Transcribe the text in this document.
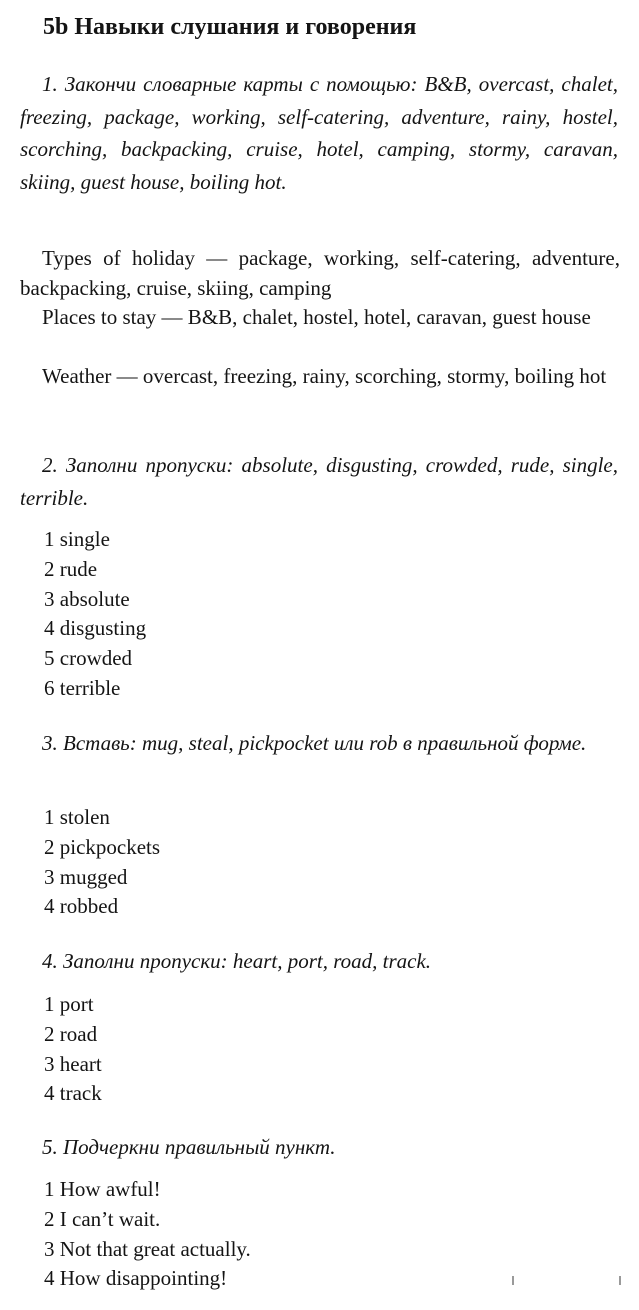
5b Навыки слушания и говорения

1. Закончи словарные карты с помощью: B&B, overcast, chalet, freezing, package, working, self-catering, adventure, rainy, hostel, scorching, backpacking, cruise, hotel, camping, stormy, caravan, skiing, guest house, boiling hot.

Types of holiday — package, working, self-catering, adventure, backpacking, cruise, skiing, camping

Places to stay — B&B, chalet, hostel, hotel, caravan, guest house

Weather — overcast, freezing, rainy, scorching, stormy, boiling hot

2. Заполни пропуски: absolute, disgusting, crowded, rude, single, terrible.

1 single
2 rude
3 absolute
4 disgusting
5 crowded
6 terrible

3. Вставь: mug, steal, pickpocket или rob в правильной форме.

1 stolen
2 pickpockets
3 mugged
4 robbed

4. Заполни пропуски: heart, port, road, track.

1 port
2 road
3 heart
4 track

5. Подчеркни правильный пункт.

1 How awful!
2 I can’t wait.
3 Not that great actually.
4 How disappointing!
